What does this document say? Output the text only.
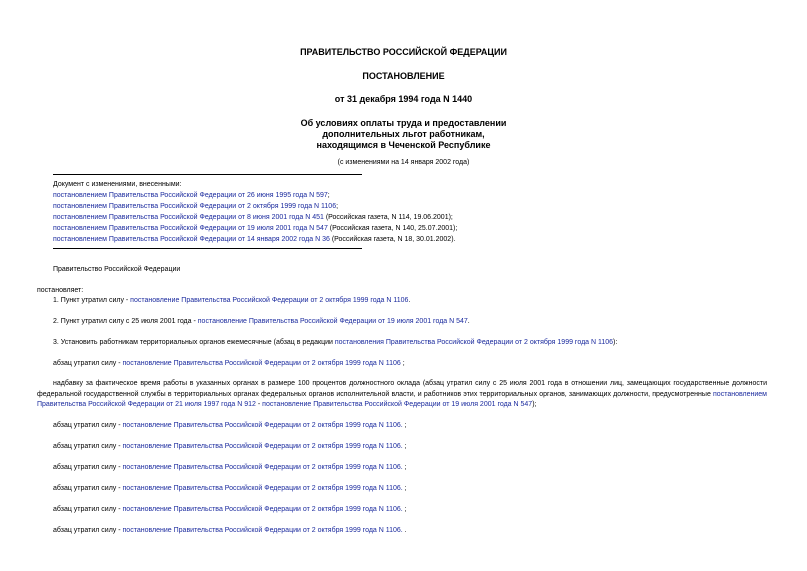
ПРАВИТЕЛЬСТВО РОССИЙСКОЙ ФЕДЕРАЦИИ
ПОСТАНОВЛЕНИЕ
от 31 декабря 1994 года N 1440
Об условиях оплаты труда и предоставлении
дополнительных льгот работникам,
находящимся в Чеченской Республике
(с изменениями на 14 января 2002 года)
Документ с изменениями, внесенными:
постановлением Правительства Российской Федерации от 26 июня 1995 года N 597;
постановлением Правительства Российской Федерации от 2 октября 1999 года N 1106;
постановлением Правительства Российской Федерации от 8 июня 2001 года N 451 (Российская газета, N 114, 19.06.2001);
постановлением Правительства Российской Федерации от 19 июля 2001 года N 547 (Российская газета, N 140, 25.07.2001);
постановлением Правительства Российской Федерации от 14 января 2002 года N 36 (Российская газета, N 18, 30.01.2002).
Правительство Российской Федерации
постановляет:
1. Пункт утратил силу - постановление Правительства Российской Федерации от 2 октября 1999 года N 1106.
2. Пункт утратил силу с 25 июля 2001 года - постановление Правительства Российской Федерации от 19 июля 2001 года N 547.
3. Установить работникам территориальных органов ежемесячные (абзац в редакции постановления Правительства Российской Федерации от 2 октября 1999 года N 1106):
абзац утратил силу - постановление Правительства Российской Федерации от 2 октября 1999 года N 1106 ;
надбавку за фактическое время работы в указанных органах в размере 100 процентов должностного оклада (абзац утратил силу с 25 июля 2001 года в отношении лиц, замещающих государственные должности федеральной государственной службы в территориальных органах федеральных органов исполнительной власти, и работников этих территориальных органов, занимающих должности, предусмотренные постановлением Правительства Российской Федерации от 21 июля 1997 года N 912 - постановление Правительства Российской Федерации от 19 июля 2001 года N 547);
абзац утратил силу - постановление Правительства Российской Федерации от 2 октября 1999 года N 1106. ;
абзац утратил силу - постановление Правительства Российской Федерации от 2 октября 1999 года N 1106. ;
абзац утратил силу - постановление Правительства Российской Федерации от 2 октября 1999 года N 1106. ;
абзац утратил силу - постановление Правительства Российской Федерации от 2 октября 1999 года N 1106. ;
абзац утратил силу - постановление Правительства Российской Федерации от 2 октября 1999 года N 1106. ;
абзац утратил силу - постановление Правительства Российской Федерации от 2 октября 1999 года N 1106. .
